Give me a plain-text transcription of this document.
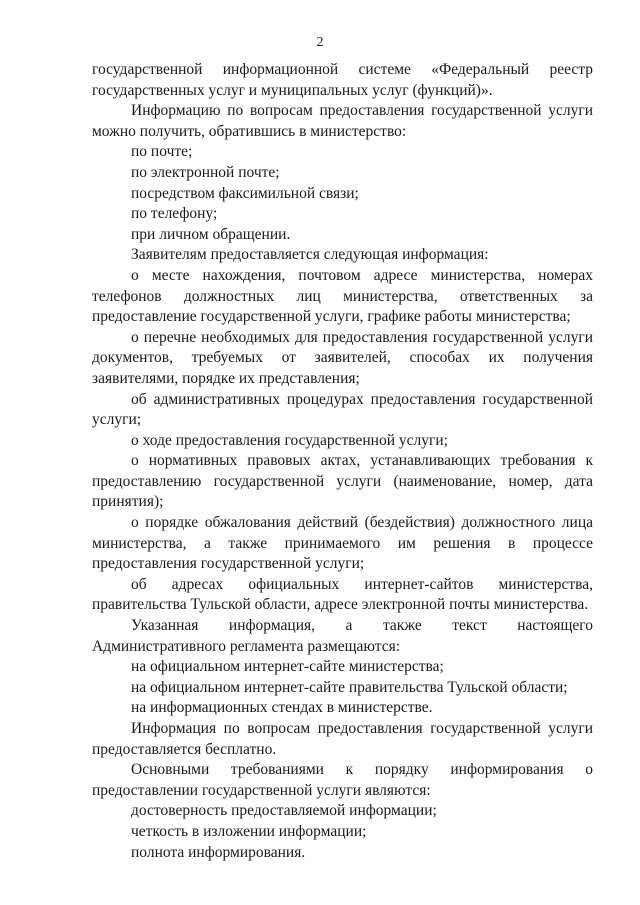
2

государственной информационной системе «Федеральный реестр государственных услуг и муниципальных услуг (функций)».

Информацию по вопросам предоставления государственной услуги можно получить, обратившись в министерство:

по почте;

по электронной почте;

посредством факсимильной связи;

по телефону;

при личном обращении.

Заявителям предоставляется следующая информация:

о месте нахождения, почтовом адресе министерства, номерах телефонов должностных лиц министерства, ответственных за предоставление государственной услуги, графике работы министерства;

о перечне необходимых для предоставления государственной услуги документов, требуемых от заявителей, способах их получения заявителями, порядке их представления;

об административных процедурах предоставления государственной услуги;

о ходе предоставления государственной услуги;

о нормативных правовых актах, устанавливающих требования к предоставлению государственной услуги (наименование, номер, дата принятия);

о порядке обжалования действий (бездействия) должностного лица министерства, а также принимаемого им решения в процессе предоставления государственной услуги;

об адресах официальных интернет-сайтов министерства, правительства Тульской области, адресе электронной почты министерства.

Указанная информация, а также текст настоящего Административного регламента размещаются:

на официальном интернет-сайте министерства;

на официальном интернет-сайте правительства Тульской области;

на информационных стендах в министерстве.

Информация по вопросам предоставления государственной услуги предоставляется бесплатно.

Основными требованиями к порядку информирования о предоставлении государственной услуги являются:

достоверность предоставляемой информации;

четкость в изложении информации;

полнота информирования.
